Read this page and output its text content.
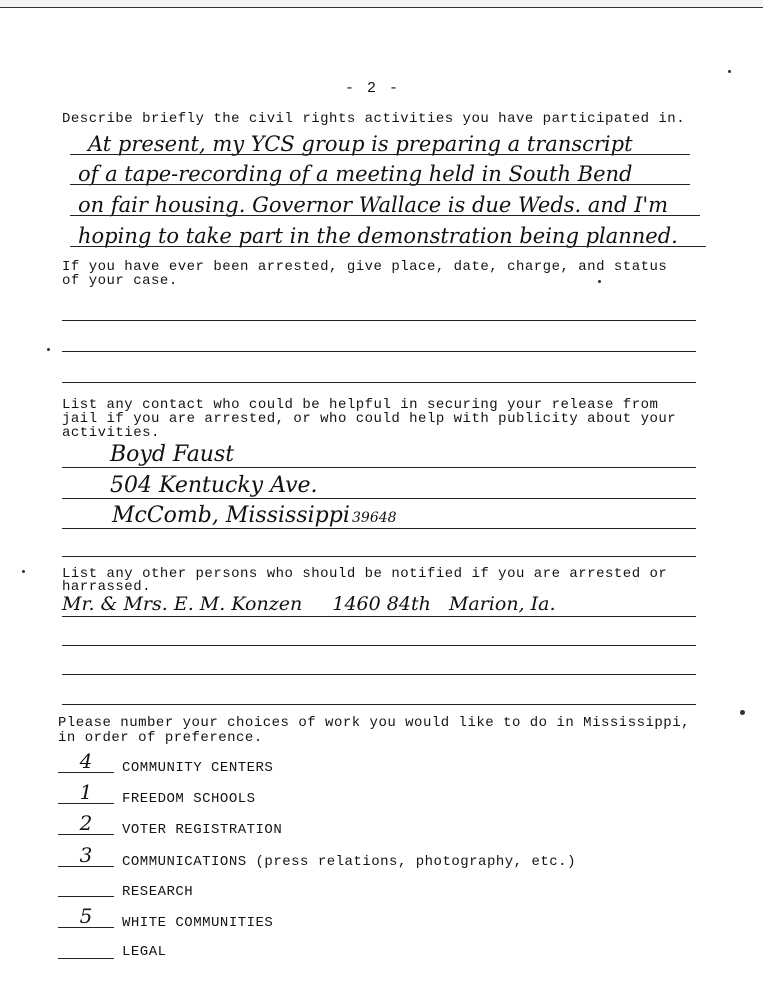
- 2 -
Describe briefly the civil rights activities you have participated in.
At present, my YCS group is preparing a transcript
of a tape-recording of a meeting held in South Bend
on fair housing. Governor Wallace is due Weds. and I'm
hoping to take part in the demonstration being planned.
If you have ever been arrested, give place, date, charge, and status
of your case.
List any contact who could be helpful in securing your release from
jail if you are arrested, or who could help with publicity about your
activities.
Boyd Faust
504 Kentucky Ave.
McComb, Mississippi 39648
List any other persons who should be notified if you are arrested or
harrassed.
Mr. & Mrs. E. M. Konzen     1460 84th   Marion, Ia.
Please number your choices of work you would like to do in Mississippi,
in order of preference.
4	COMMUNITY CENTERS
1	FREEDOM SCHOOLS
2	VOTER REGISTRATION
3	COMMUNICATIONS (press relations, photography, etc.)
RESEARCH
5	WHITE COMMUNITIES
LEGAL
